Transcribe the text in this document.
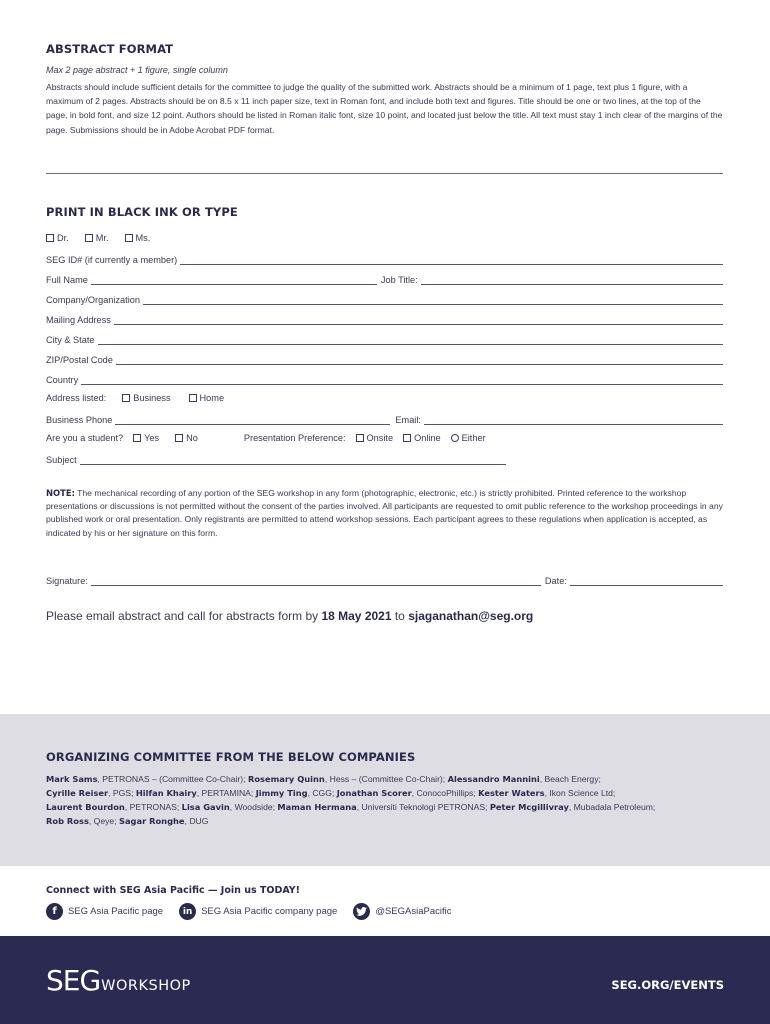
ABSTRACT FORMAT
Max 2 page abstract + 1 figure, single column
Abstracts should include sufficient details for the committee to judge the quality of the submitted work. Abstracts should be a minimum of 1 page, text plus 1 figure, with a maximum of 2 pages. Abstracts should be on 8.5 x 11 inch paper size, text in Roman font, and include both text and figures. Title should be one or two lines, at the top of the page, in bold font, and size 12 point. Authors should be listed in Roman italic font, size 10 point, and located just below the title. All text must stay 1 inch clear of the margins of the page. Submissions should be in Adobe Acrobat PDF format.
PRINT IN BLACK INK OR TYPE
Dr.	Mr.	Ms.
SEG ID# (if currently a member)
Full Name	Job Title:
Company/Organization
Mailing Address
City & State
ZIP/Postal Code
Country
Address listed:	Business	Home
Business Phone	Email:
Are you a student? Yes	No	Presentation Preference: Onsite Online Either
Subject
NOTE: The mechanical recording of any portion of the SEG workshop in any form (photographic, electronic, etc.) is strictly prohibited. Printed reference to the workshop presentations or discussions is not permitted without the consent of the parties involved. All participants are requested to omit public reference to the workshop proceedings in any published work or oral presentation. Only registrants are permitted to attend workshop sessions. Each participant agrees to these regulations when application is accepted, as indicated by his or her signature on this form.
Signature:	Date:
Please email abstract and call for abstracts form by 18 May 2021 to sjaganathan@seg.org
ORGANIZING COMMITTEE FROM THE BELOW COMPANIES
Mark Sams, PETRONAS – (Committee Co-Chair); Rosemary Quinn, Hess – (Committee Co-Chair); Alessandro Mannini, Beach Energy;
Cyrille Reiser, PGS; Hilfan Khairy, PERTAMINA; Jimmy Ting, CGG; Jonathan Scorer, ConocoPhillips; Kester Waters, Ikon Science Ltd;
Laurent Bourdon, PETRONAS; Lisa Gavin, Woodside; Maman Hermana, Universiti Teknologi PETRONAS; Peter Mcgillivray, Mubadala Petroleum;
Rob Ross, Qeye; Sagar Ronghe, DUG
Connect with SEG Asia Pacific — Join us TODAY!
f	SEG Asia Pacific page	in SEG Asia Pacific company page	@SEGAsiaPacific
SEG WORKSHOP	SEG.ORG/EVENTS
